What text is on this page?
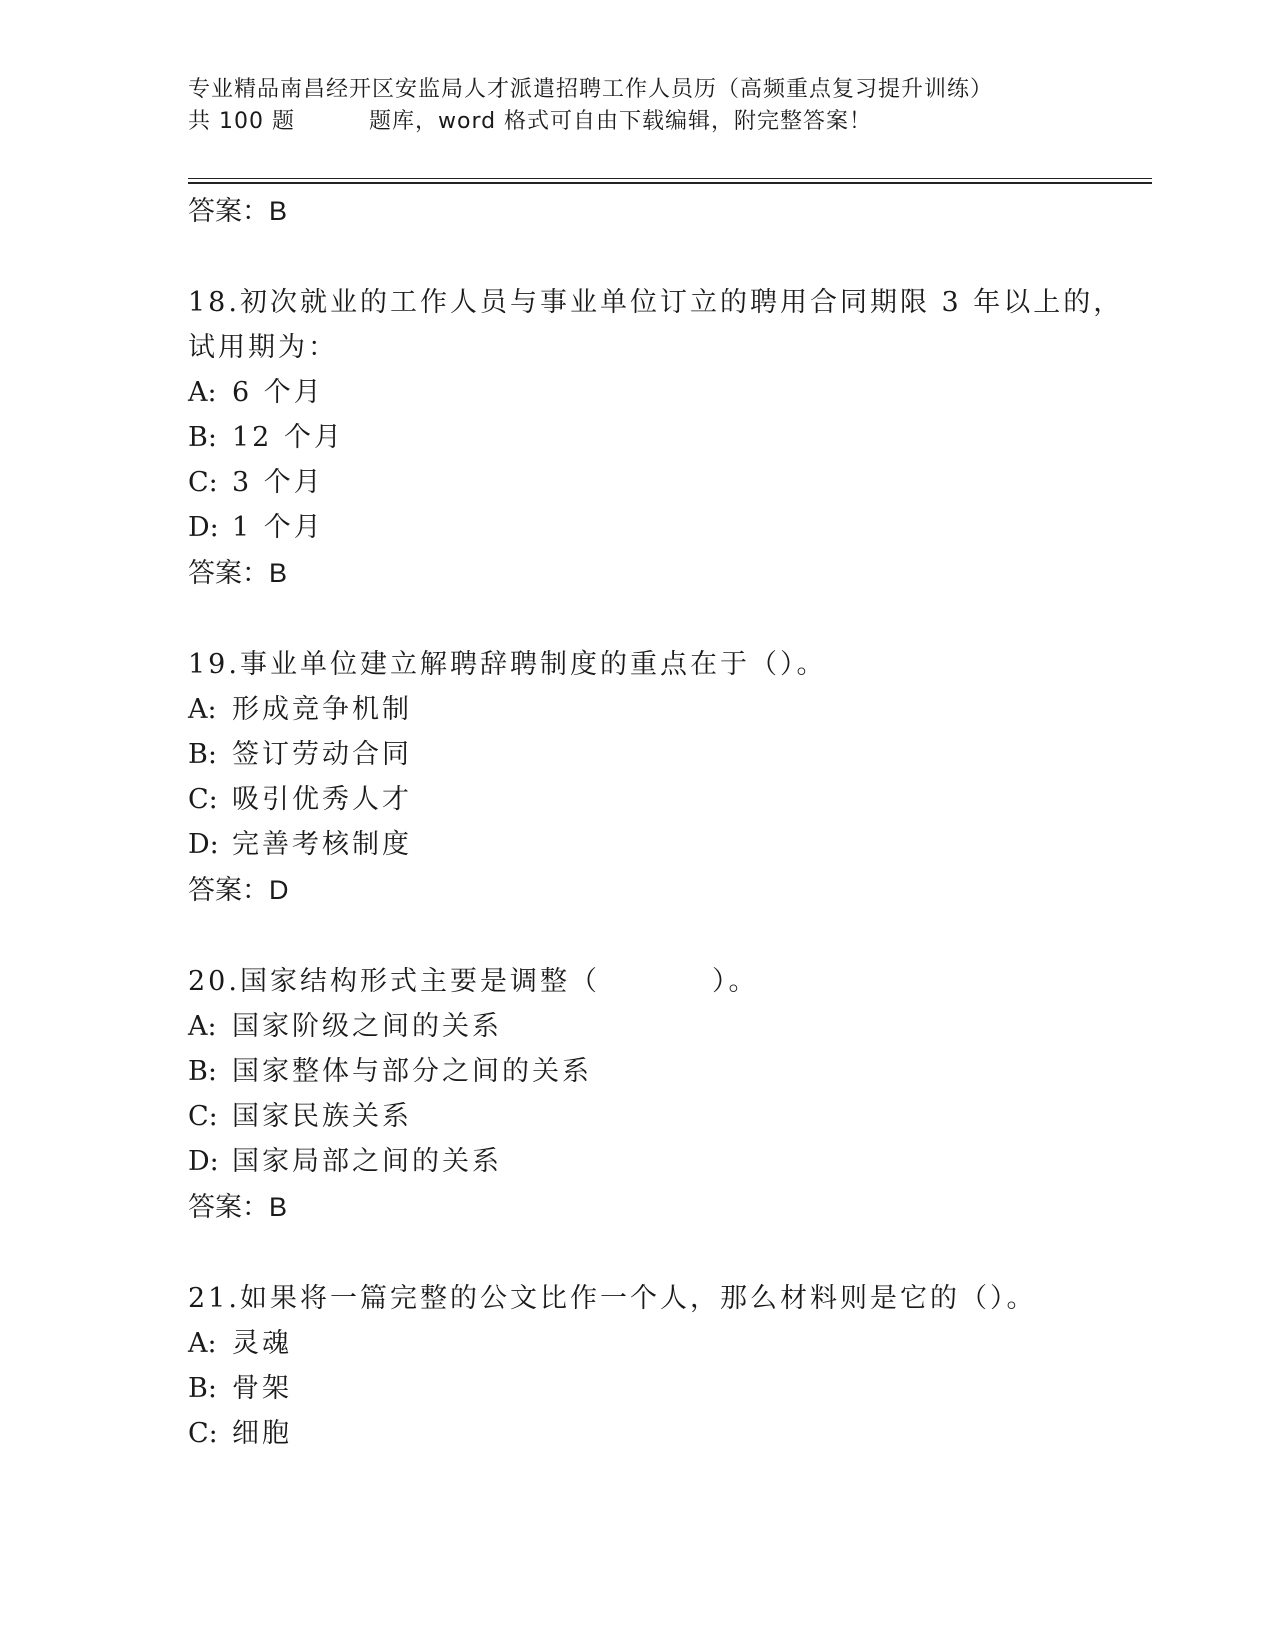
专业精品南昌经开区安监局人才派遣招聘工作人员历（高频重点复习提升训练）
共 100 题	题库，word 格式可自由下载编辑，附完整答案！
答案：B

18.初次就业的工作人员与事业单位订立的聘用合同期限 3 年以上的，试用期为：

A: 6 个月
B: 12 个月
C: 3 个月
D: 1 个月
答案：B

19.事业单位建立解聘辞聘制度的重点在于（）。

A: 形成竞争机制
B: 签订劳动合同
C: 吸引优秀人才
D: 完善考核制度
答案：D

20.国家结构形式主要是调整（	）。

A: 国家阶级之间的关系
B: 国家整体与部分之间的关系
C: 国家民族关系
D: 国家局部之间的关系
答案：B

21.如果将一篇完整的公文比作一个人，那么材料则是它的（）。

A: 灵魂
B: 骨架
C: 细胞
